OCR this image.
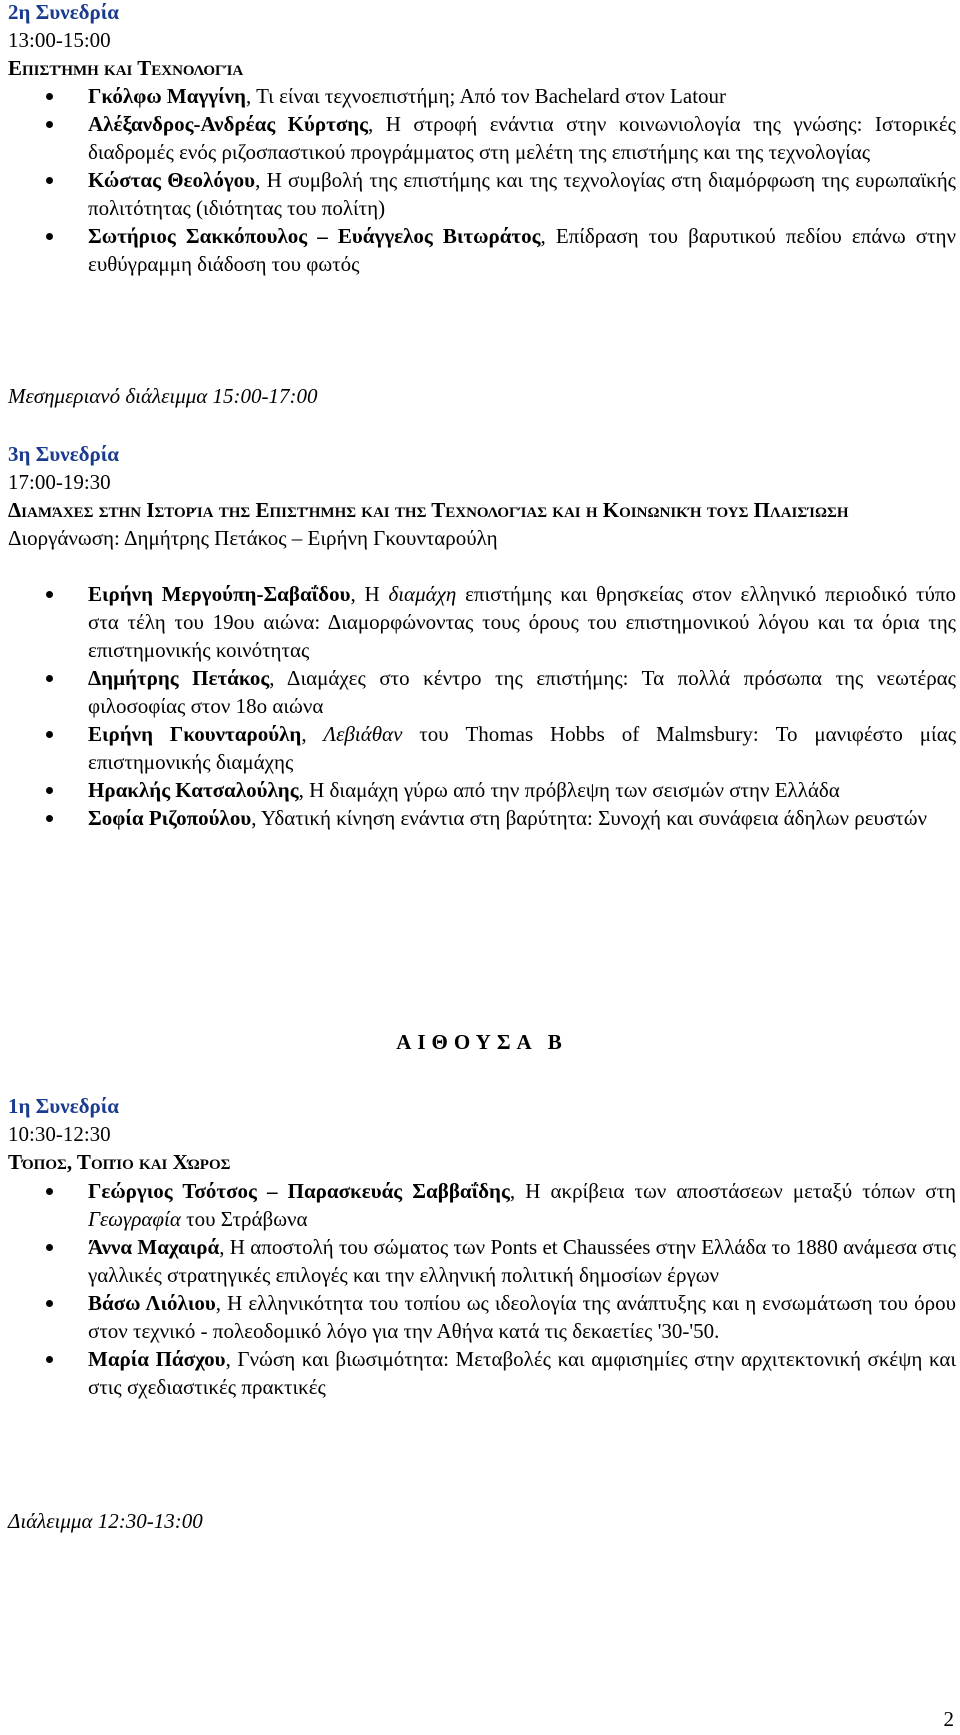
2η Συνεδρία
13:00-15:00
Επιστήμη και Τεχνολογία
Γκόλφω Μαγγίνη, Τι είναι τεχνοεπιστήμη; Από τον Bachelard στον Latour
Αλέξανδρος-Ανδρέας Κύρτσης, Η στροφή ενάντια στην κοινωνιολογία της γνώσης: Ιστορικές διαδρομές ενός ριζοσπαστικού προγράμματος στη μελέτη της επιστήμης και της τεχνολογίας
Κώστας Θεολόγου, Η συμβολή της επιστήμης και της τεχνολογίας στη διαμόρφωση της ευρωπαϊκής πολιτότητας (ιδιότητας του πολίτη)
Σωτήριος Σακκόπουλος – Ευάγγελος Βιτωράτος, Επίδραση του βαρυτικού πεδίου επάνω στην ευθύγραμμη διάδοση του φωτός
Μεσημεριανό διάλειμμα 15:00-17:00
3η Συνεδρία
17:00-19:30
Διαμάχες στην Ιστορία της Επιστήμης και της Τεχνολογίας και η Κοινωνική τους Πλαισίωση
Διοργάνωση: Δημήτρης Πετάκος – Ειρήνη Γκουνταρούλη
Ειρήνη Μεργούπη-Σαβαΐδου, Η διαμάχη επιστήμης και θρησκείας στον ελληνικό περιοδικό τύπο στα τέλη του 19ου αιώνα: Διαμορφώνοντας τους όρους του επιστημονικού λόγου και τα όρια της επιστημονικής κοινότητας
Δημήτρης Πετάκος, Διαμάχες στο κέντρο της επιστήμης: Τα πολλά πρόσωπα της νεωτέρας φιλοσοφίας στον 18ο αιώνα
Ειρήνη Γκουνταρούλη, Λεβιάθαν του Thomas Hobbs of Malmsbury: Το μανιφέστο μίας επιστημονικής διαμάχης
Ηρακλής Κατσαλούλης, Η διαμάχη γύρω από την πρόβλεψη των σεισμών στην Ελλάδα
Σοφία Ριζοπούλου, Υδατική κίνηση ενάντια στη βαρύτητα: Συνοχή και συνάφεια άδηλων ρευστών
ΑΙΘΟΥΣΑ Β
1η Συνεδρία
10:30-12:30
Τόπος, Τοπίο και Χώρος
Γεώργιος Τσότσος – Παρασκευάς Σαββαΐδης, Η ακρίβεια των αποστάσεων μεταξύ τόπων στη Γεωγραφία του Στράβωνα
Άννα Μαχαιρά, Η αποστολή του σώματος των Ponts et Chaussées στην Ελλάδα το 1880 ανάμεσα στις γαλλικές στρατηγικές επιλογές και την ελληνική πολιτική δημοσίων έργων
Βάσω Λιόλιου, Η ελληνικότητα του τοπίου ως ιδεολογία της ανάπτυξης και η ενσωμάτωση του όρου στον τεχνικό - πολεοδομικό λόγο για την Αθήνα κατά τις δεκαετίες '30-'50.
Μαρία Πάσχου, Γνώση και βιωσιμότητα: Μεταβολές και αμφισημίες στην αρχιτεκτονική σκέψη και στις σχεδιαστικές πρακτικές
Διάλειμμα 12:30-13:00
2
